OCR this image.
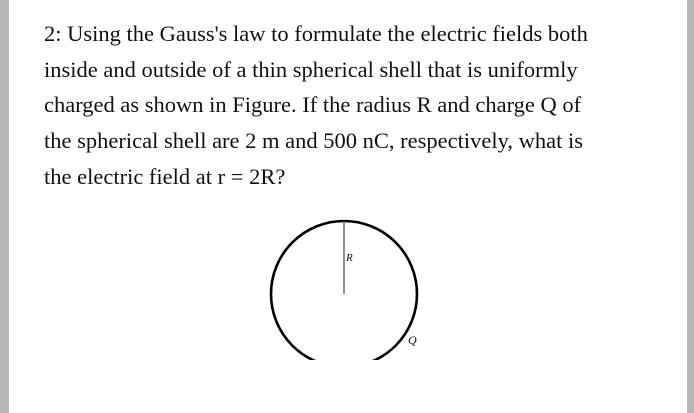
2: Using the Gauss's law to formulate the electric fields both
inside and outside of a thin spherical shell that is uniformly
charged as shown in Figure. If the radius R and charge Q of
the spherical shell are 2 m and 500 nC, respectively, what is
the electric field at r = 2R?

R
Q
